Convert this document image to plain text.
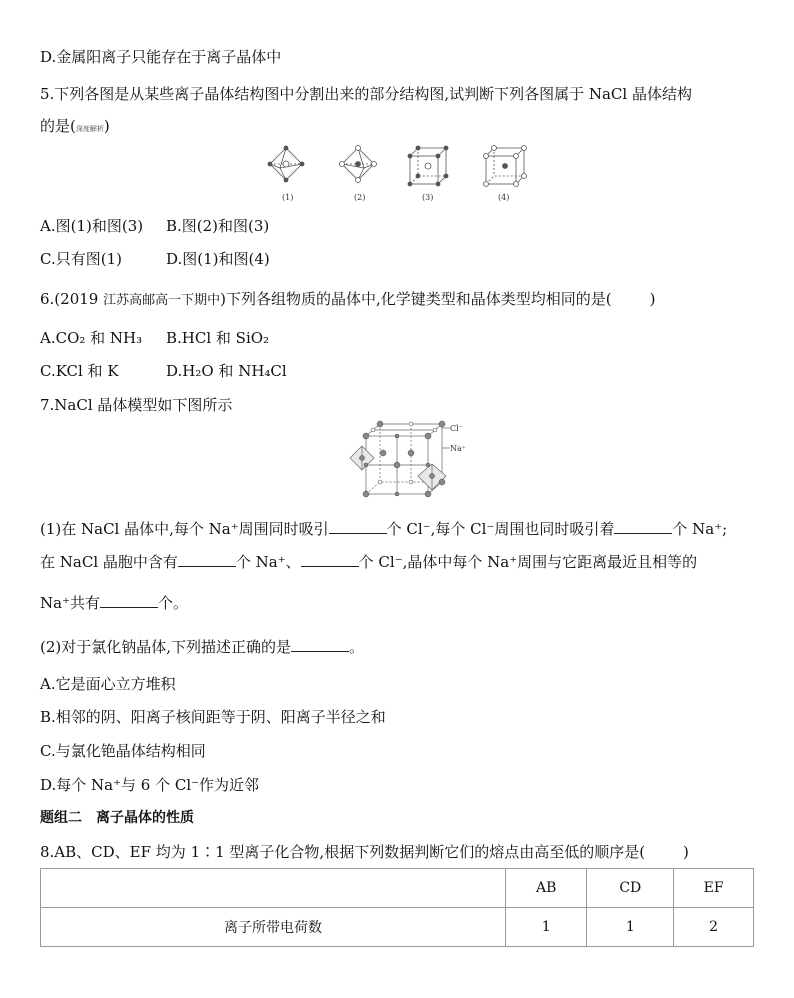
D.金属阳离子只能存在于离子晶体中
5.下列各图是从某些离子晶体结构图中分割出来的部分结构图,试判断下列各图属于 NaCl 晶体结构
的是(深度解析)
(1)	(2)	(3)	(4)
A.图(1)和图(3) B.图(2)和图(3)
C.只有图(1)	D.图(1)和图(4)
6.(2019 江苏高邮高一下期中)下列各组物质的晶体中,化学键类型和晶体类型均相同的是(	)
A.CO₂ 和 NH₃ B.HCl 和 SiO₂
C.KCl 和 K	D.H₂O 和 NH₄Cl
7.NaCl 晶体模型如下图所示
Cl⁻
Na⁺
(1)在 NaCl 晶体中,每个 Na⁺周围同时吸引	个 Cl⁻,每个 Cl⁻周围也同时吸引着	个 Na⁺;
在 NaCl 晶胞中含有	个 Na⁺、	个 Cl⁻,晶体中每个 Na⁺周围与它距离最近且相等的
Na⁺共有	个。
(2)对于氯化钠晶体,下列描述正确的是	。
A.它是面心立方堆积
B.相邻的阴、阳离子核间距等于阴、阳离子半径之和
C.与氯化铯晶体结构相同
D.每个 Na⁺与 6 个 Cl⁻作为近邻
题组二　离子晶体的性质
8.AB、CD、EF 均为 1∶1 型离子化合物,根据下列数据判断它们的熔点由高至低的顺序是(	)
	AB	CD	EF
离子所带电荷数	1	1	2
